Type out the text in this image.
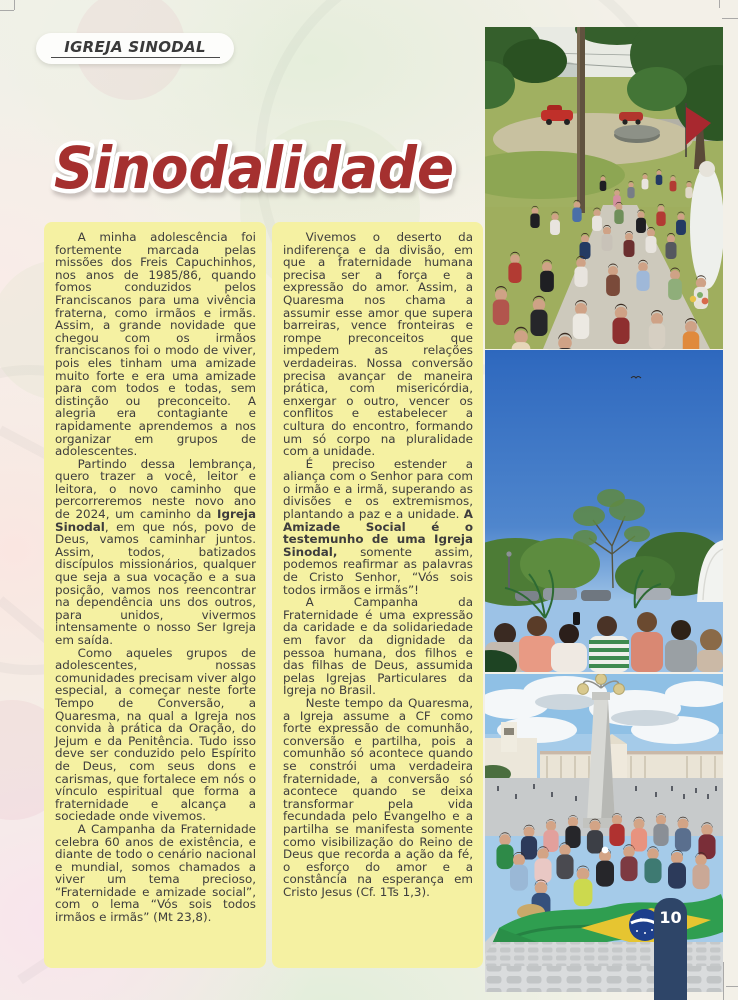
IGREJA SINODAL
Sinodalidade

A minha adolescência foi fortemente marcada pelas missões dos Freis Capuchinhos, nos anos de 1985/86, quando fomos conduzidos pelos Franciscanos para uma vivência fraterna, como irmãos e irmãs. Assim, a grande novidade que chegou com os irmãos franciscanos foi o modo de viver, pois eles tinham uma amizade muito forte e era uma amizade para com todos e todas, sem distinção ou preconceito. A alegria era contagiante e rapidamente aprendemos a nos organizar em grupos de adolescentes.

Partindo dessa lembrança, quero trazer a você, leitor e leitora, o novo caminho que percorreremos neste novo ano de 2024, um caminho da Igreja Sinodal, em que nós, povo de Deus, vamos caminhar juntos. Assim, todos, batizados discípulos missionários, qualquer que seja a sua vocação e a sua posição, vamos nos reencontrar na dependência uns dos outros, para unidos, vivermos intensamente o nosso Ser Igreja em saída.

Como aqueles grupos de adolescentes, nossas comunidades precisam viver algo especial, a começar neste forte Tempo de Conversão, a Quaresma, na qual a Igreja nos convida à prática da Oração, do Jejum e da Penitência. Tudo isso deve ser conduzido pelo Espírito de Deus, com seus dons e carismas, que fortalece em nós o vínculo espiritual que forma a fraternidade e alcança a sociedade onde vivemos.

A Campanha da Fraternidade celebra 60 anos de existência, e diante de todo o cenário nacional e mundial, somos chamados a viver um tema precioso, “Fraternidade e amizade social”, com o lema “Vós sois todos irmãos e irmãs” (Mt 23,8).

Vivemos o deserto da indiferença e da divisão, em que a fraternidade humana precisa ser a força e a expressão do amor. Assim, a Quaresma nos chama a assumir esse amor que supera barreiras, vence fronteiras e rompe preconceitos que impedem as relações verdadeiras. Nossa conversão precisa avançar de maneira prática, com misericórdia, enxergar o outro, vencer os conflitos e estabelecer a cultura do encontro, formando um só corpo na pluralidade com a unidade.

É preciso estender a aliança com o Senhor para com o irmão e a irmã, superando as divisões e os extremismos, plantando a paz e a unidade. A Amizade Social é o testemunho de uma Igreja Sinodal, somente assim, podemos reafirmar as palavras de Cristo Senhor, “Vós sois todos irmãos e irmãs”!

A Campanha da Fraternidade é uma expressão da caridade e da solidariedade em favor da dignidade da pessoa humana, dos filhos e das filhas de Deus, assumida pelas Igrejas Particulares da Igreja no Brasil.

Neste tempo da Quaresma, a Igreja assume a CF como forte expressão de comunhão, conversão e partilha, pois a comunhão só acontece quando se constrói uma verdadeira fraternidade, a conversão só acontece quando se deixa transformar pela vida fecundada pelo Evangelho e a partilha se manifesta somente como visibilização do Reino de Deus que recorda a ação da fé, o esforço do amor e a constância na esperança em Cristo Jesus (Cf. 1Ts 1,3).

10
